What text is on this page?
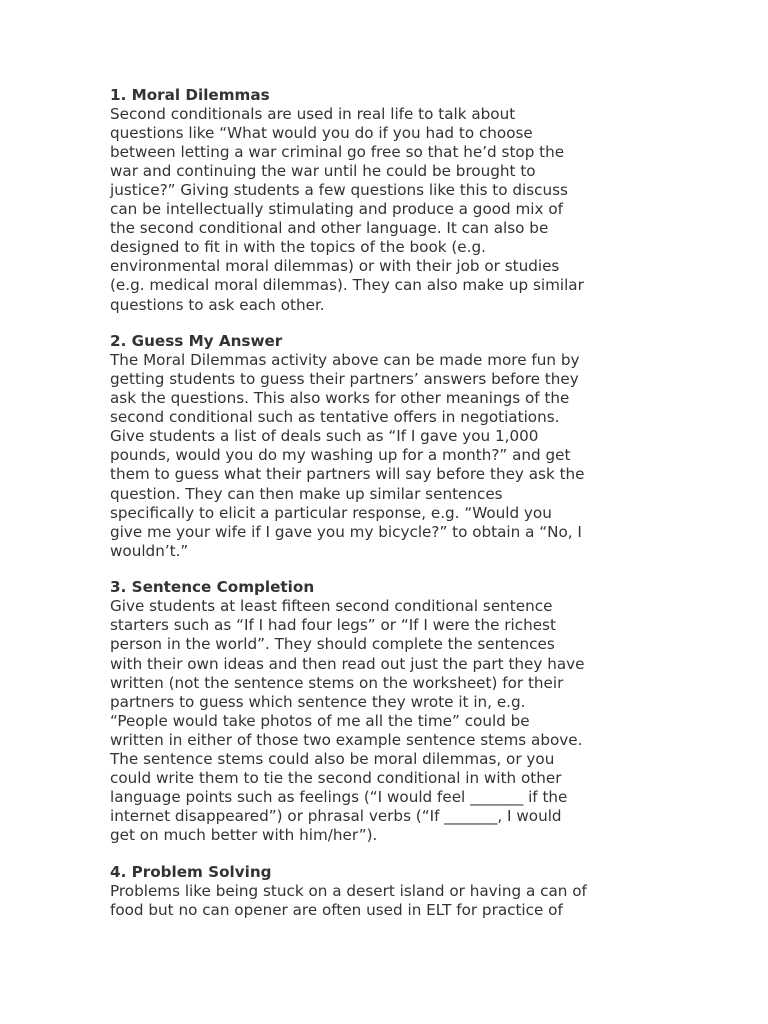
1. Moral Dilemmas

Second conditionals are used in real life to talk about
questions like “What would you do if you had to choose
between letting a war criminal go free so that he’d stop the
war and continuing the war until he could be brought to
justice?” Giving students a few questions like this to discuss
can be intellectually stimulating and produce a good mix of
the second conditional and other language. It can also be
designed to fit in with the topics of the book (e.g.
environmental moral dilemmas) or with their job or studies
(e.g. medical moral dilemmas). They can also make up similar
questions to ask each other.

2. Guess My Answer

The Moral Dilemmas activity above can be made more fun by
getting students to guess their partners’ answers before they
ask the questions. This also works for other meanings of the
second conditional such as tentative offers in negotiations.
Give students a list of deals such as “If I gave you 1,000
pounds, would you do my washing up for a month?” and get
them to guess what their partners will say before they ask the
question. They can then make up similar sentences
specifically to elicit a particular response, e.g. “Would you
give me your wife if I gave you my bicycle?” to obtain a “No, I
wouldn’t.”

3. Sentence Completion

Give students at least fifteen second conditional sentence
starters such as “If I had four legs” or “If I were the richest
person in the world”. They should complete the sentences
with their own ideas and then read out just the part they have
written (not the sentence stems on the worksheet) for their
partners to guess which sentence they wrote it in, e.g.
“People would take photos of me all the time” could be
written in either of those two example sentence stems above.
The sentence stems could also be moral dilemmas, or you
could write them to tie the second conditional in with other
language points such as feelings (“I would feel _______ if the
internet disappeared”) or phrasal verbs (“If _______, I would
get on much better with him/her”).

4. Problem Solving

Problems like being stuck on a desert island or having a can of
food but no can opener are often used in ELT for practice of
